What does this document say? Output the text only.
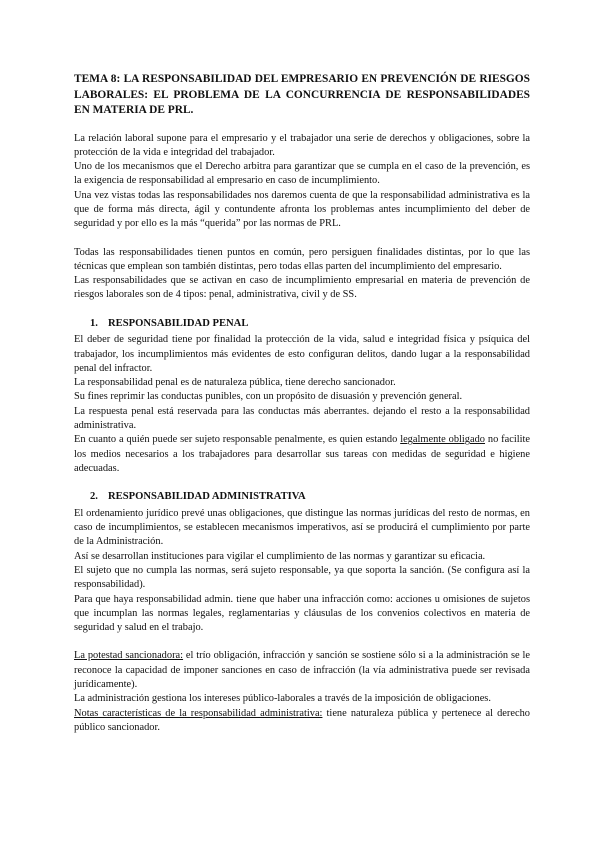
TEMA 8: LA RESPONSABILIDAD DEL EMPRESARIO EN PREVENCIÓN DE RIESGOS LABORALES: EL PROBLEMA DE LA CONCURRENCIA DE RESPONSABILIDADES EN MATERIA DE PRL.

La relación laboral supone para el empresario y el trabajador una serie de derechos y obligaciones, sobre la protección de la vida e integridad del trabajador.

Uno de los mecanismos que el Derecho arbitra para garantizar que se cumpla en el caso de la prevención, es la exigencia de responsabilidad al empresario en caso de incumplimiento.

Una vez vistas todas las responsabilidades nos daremos cuenta de que la responsabilidad administrativa es la que de forma más directa, ágil y contundente afronta los problemas antes incumplimiento del deber de seguridad y por ello es la más “querida” por las normas de PRL.

Todas las responsabilidades tienen puntos en común, pero persiguen finalidades distintas, por lo que las técnicas que emplean son también distintas, pero todas ellas parten del incumplimiento del empresario.

Las responsabilidades que se activan en caso de incumplimiento empresarial en materia de prevención de riesgos laborales son de 4 tipos: penal, administrativa, civil y de SS.

1. RESPONSABILIDAD PENAL

El deber de seguridad tiene por finalidad la protección de la vida, salud e integridad física y psíquica del trabajador, los incumplimientos más evidentes de esto configuran delitos, dando lugar a la responsabilidad penal del infractor.

La responsabilidad penal es de naturaleza pública, tiene derecho sancionador.

Su fines reprimir las conductas punibles, con un propósito de disuasión y prevención general.

La respuesta penal está reservada para las conductas más aberrantes. dejando el resto a la responsabilidad administrativa.

En cuanto a quién puede ser sujeto responsable penalmente, es quien estando legalmente obligado no facilite los medios necesarios a los trabajadores para desarrollar sus tareas con medidas de seguridad e higiene adecuadas.

2. RESPONSABILIDAD ADMINISTRATIVA

El ordenamiento jurídico prevé unas obligaciones, que distingue las normas jurídicas del resto de normas, en caso de incumplimientos, se establecen mecanismos imperativos, así se producirá el cumplimiento por parte de la Administración.

Así se desarrollan instituciones para vigilar el cumplimiento de las normas y garantizar su eficacia.

El sujeto que no cumpla las normas, será sujeto responsable, ya que soporta la sanción. (Se configura así la responsabilidad).

Para que haya responsabilidad admin. tiene que haber una infracción como: acciones u omisiones de sujetos que incumplan las normas legales, reglamentarias y cláusulas de los convenios colectivos en materia de seguridad y salud en el trabajo.

La potestad sancionadora: el trío obligación, infracción y sanción se sostiene sólo si a la administración se le reconoce la capacidad de imponer sanciones en caso de infracción (la vía administrativa puede ser revisada jurídicamente).

La administración gestiona los intereses público-laborales a través de la imposición de obligaciones.

Notas características de la responsabilidad administrativa: tiene naturaleza pública y pertenece al derecho público sancionador.
